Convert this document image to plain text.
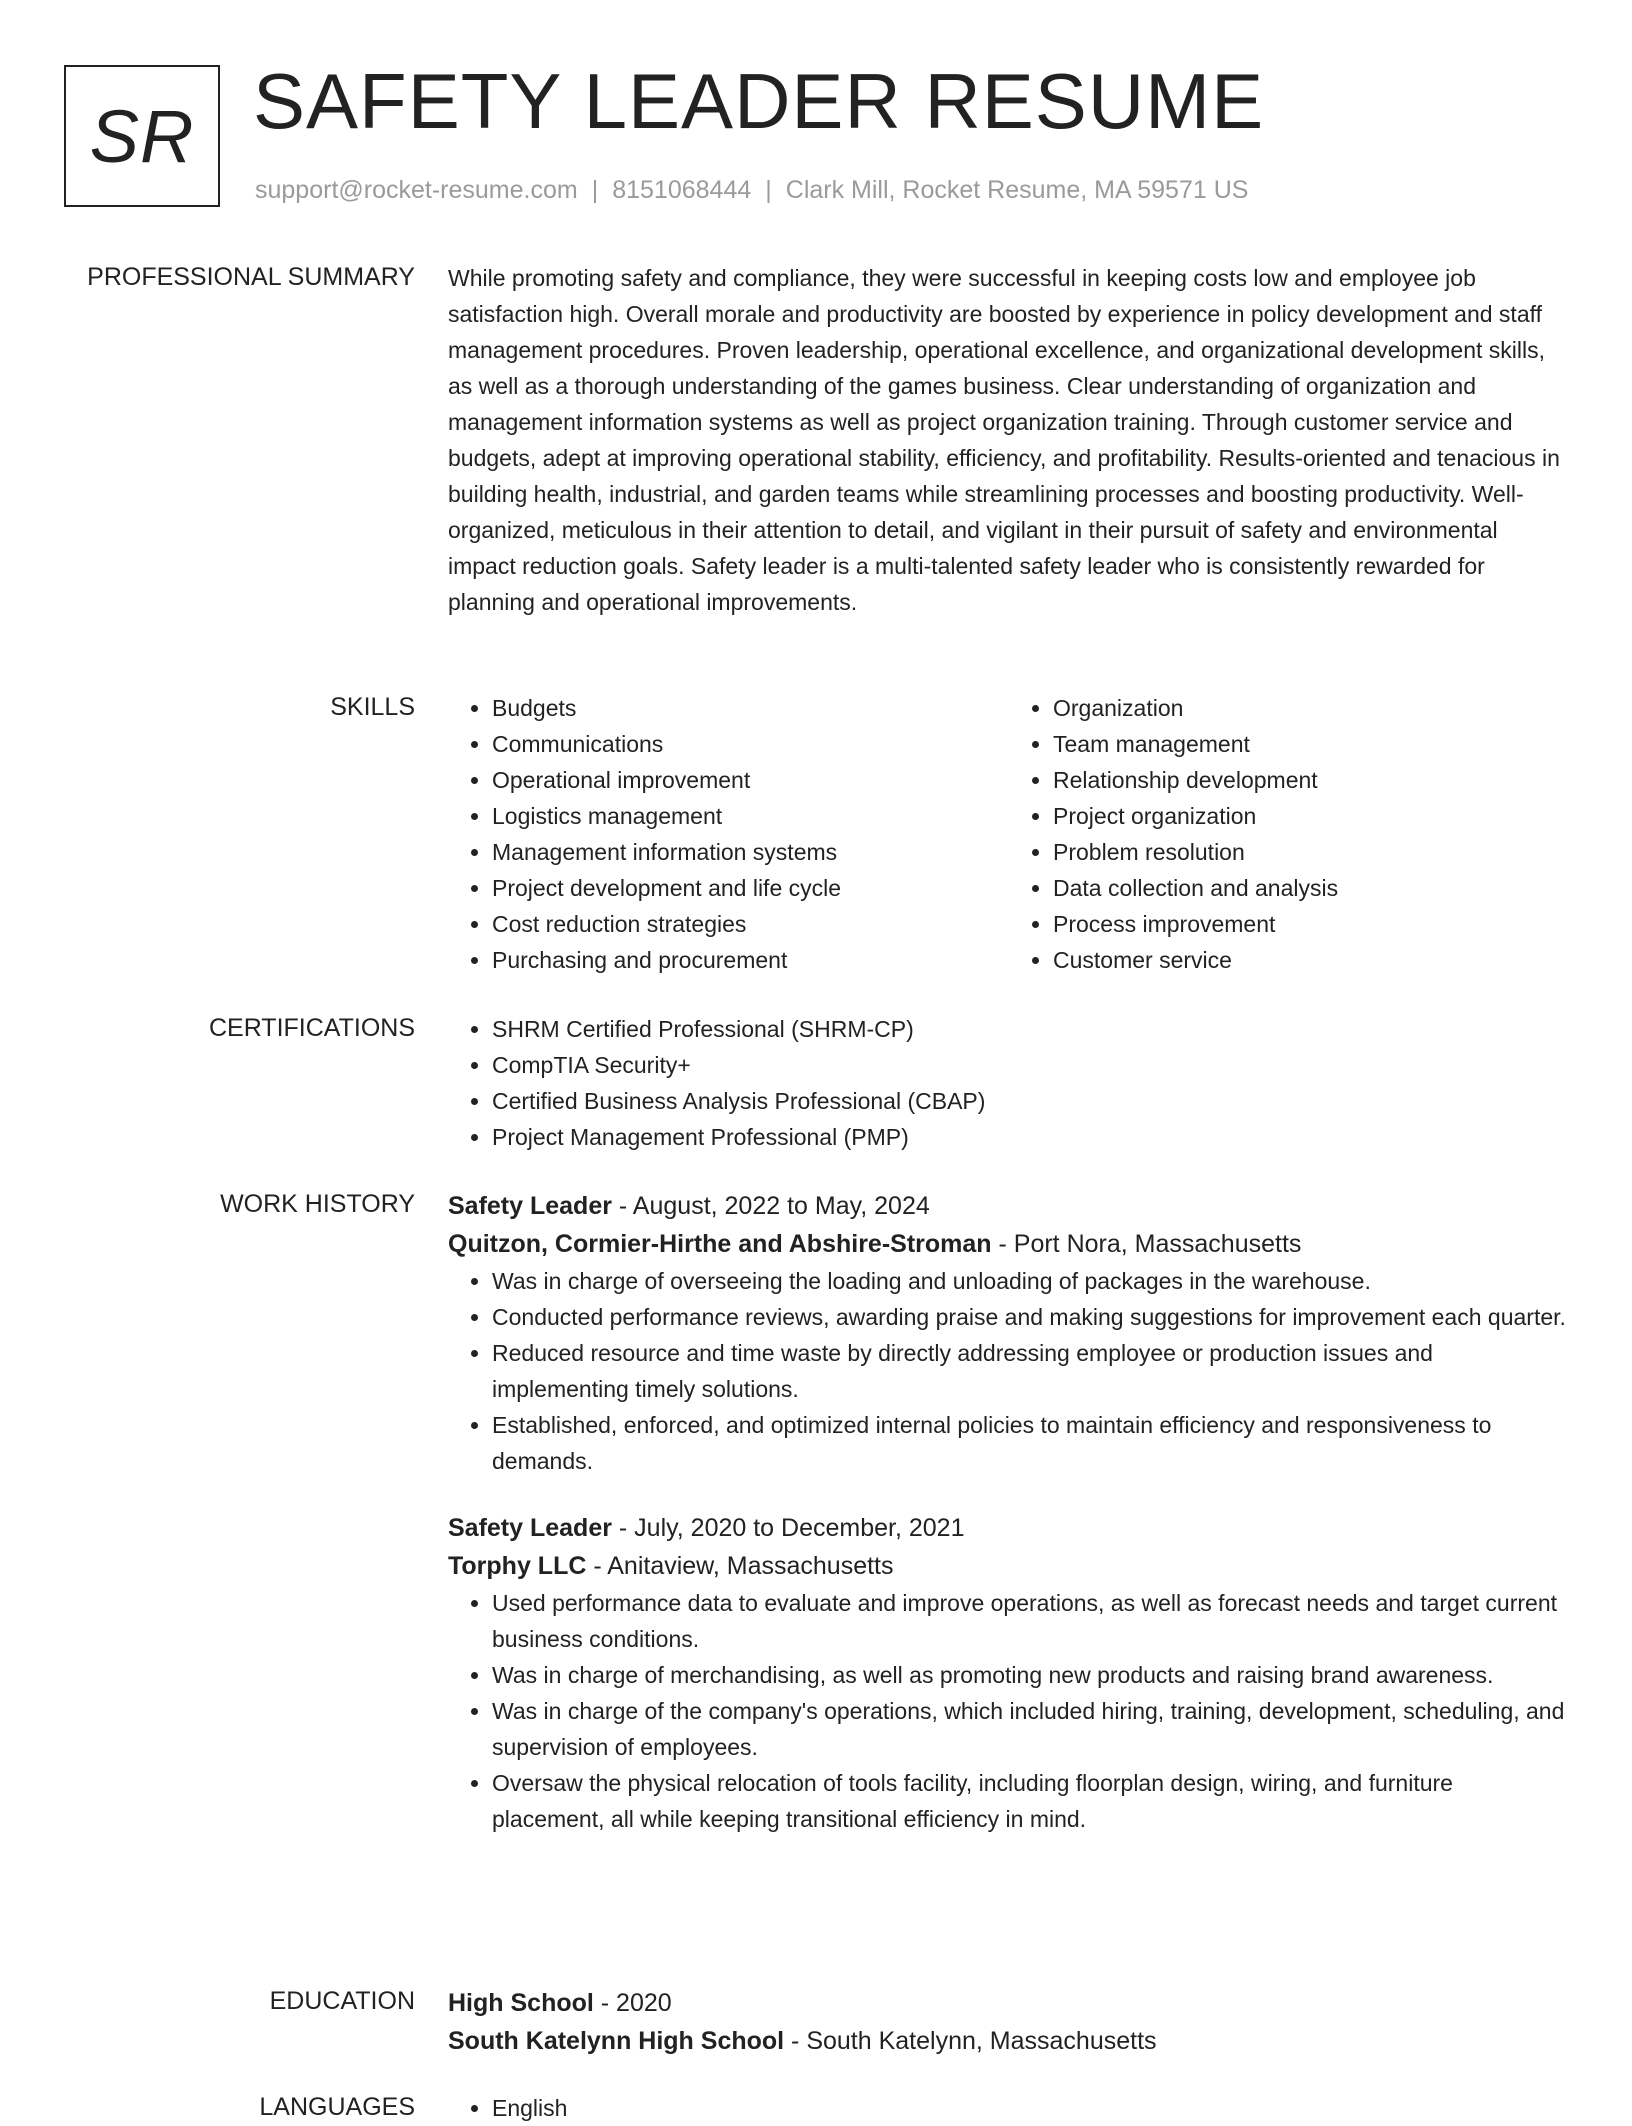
SR SAFETY LEADER RESUME
support@rocket-resume.com | 8151068444 | Clark Mill, Rocket Resume, MA 59571 US
PROFESSIONAL SUMMARY While promoting safety and compliance, they were successful in keeping costs low and employee job satisfaction high. Overall morale and productivity are boosted by experience in policy development and staff management procedures. Proven leadership, operational excellence, and organizational development skills, as well as a thorough understanding of the games business. Clear understanding of organization and management information systems as well as project organization training. Through customer service and budgets, adept at improving operational stability, efficiency, and profitability. Results-oriented and tenacious in building health, industrial, and garden teams while streamlining processes and boosting productivity. Well-organized, meticulous in their attention to detail, and vigilant in their pursuit of safety and environmental impact reduction goals. Safety leader is a multi-talented safety leader who is consistently rewarded for planning and operational improvements.

SKILLS	• Budgets
• Communications
• Operational improvement
• Logistics management
• Management information systems
• Project development and life cycle
• Cost reduction strategies
• Purchasing and procurement
• Organization
• Team management
• Relationship development
• Project organization
• Problem resolution
• Data collection and analysis
• Process improvement
• Customer service
CERTIFICATIONS	• SHRM Certified Professional (SHRM-CP)
• CompTIA Security+
• Certified Business Analysis Professional (CBAP)
• Project Management Professional (PMP)
WORK HISTORY Safety Leader - August, 2022 to May, 2024
Quitzon, Cormier-Hirthe and Abshire-Stroman - Port Nora, Massachusetts
• Was in charge of overseeing the loading and unloading of packages in the warehouse.
• Conducted performance reviews, awarding praise and making suggestions for improvement each quarter.
• Reduced resource and time waste by directly addressing employee or production issues and implementing timely solutions.
• Established, enforced, and optimized internal policies to maintain efficiency and responsiveness to demands.
Safety Leader - July, 2020 to December, 2021
Torphy LLC - Anitaview, Massachusetts
• Used performance data to evaluate and improve operations, as well as forecast needs and target current business conditions.
• Was in charge of merchandising, as well as promoting new products and raising brand awareness.
• Was in charge of the company's operations, which included hiring, training, development, scheduling, and supervision of employees.
• Oversaw the physical relocation of tools facility, including floorplan design, wiring, and furniture placement, all while keeping transitional efficiency in mind.
EDUCATION High School - 2020
South Katelynn High School - South Katelynn, Massachusetts
LANGUAGES	• English
